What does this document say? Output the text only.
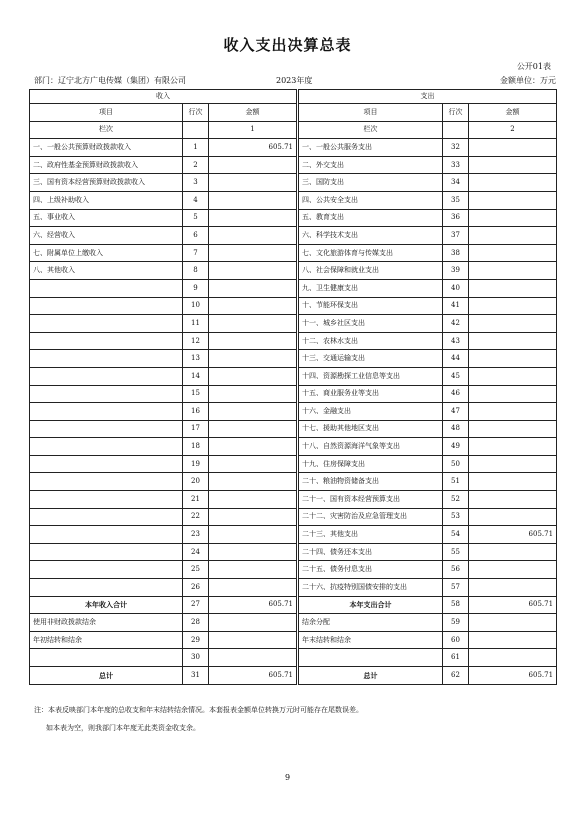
收入支出决算总表
公开01表
部门：辽宁北方广电传媒（集团）有限公司	2023年度	金额单位：万元
收入			支出		
项目	行次	金额	项目	行次	金额
栏次		1	栏次		2
一、一般公共预算财政拨款收入	1	605.71	一、一般公共服务支出	32	
二、政府性基金预算财政拨款收入	2		二、外交支出	33	
三、国有资本经营预算财政拨款收入	3		三、国防支出	34	
四、上级补助收入	4		四、公共安全支出	35	
五、事业收入	5		五、教育支出	36	
六、经营收入	6		六、科学技术支出	37	
七、附属单位上缴收入	7		七、文化旅游体育与传媒支出	38	
八、其他收入	8		八、社会保障和就业支出	39	
	9		九、卫生健康支出	40	
	10		十、节能环保支出	41	
	11		十一、城乡社区支出	42	
	12		十二、农林水支出	43	
	13		十三、交通运输支出	44	
	14		十四、资源勘探工业信息等支出	45	
	15		十五、商业服务业等支出	46	
	16		十六、金融支出	47	
	17		十七、援助其他地区支出	48	
	18		十八、自然资源海洋气象等支出	49	
	19		十九、住房保障支出	50	
	20		二十、粮油物资储备支出	51	
	21		二十一、国有资本经营预算支出	52	
	22		二十二、灾害防治及应急管理支出	53	
	23		二十三、其他支出	54	605.71
	24		二十四、债务还本支出	55	
	25		二十五、债务付息支出	56	
	26		二十六、抗疫特别国债安排的支出	57	
本年收入合计	27	605.71	本年支出合计	58	605.71
使用非财政拨款结余	28		结余分配	59	
年初结转和结余	29		年末结转和结余	60	
	30			61	
总计	31	605.71	总计	62	605.71
注：本表反映部门本年度的总收支和年末结转结余情况。本套报表金额单位转换万元时可能存在尾数误差。
如本表为空，则我部门本年度无此类资金收支余。
9
